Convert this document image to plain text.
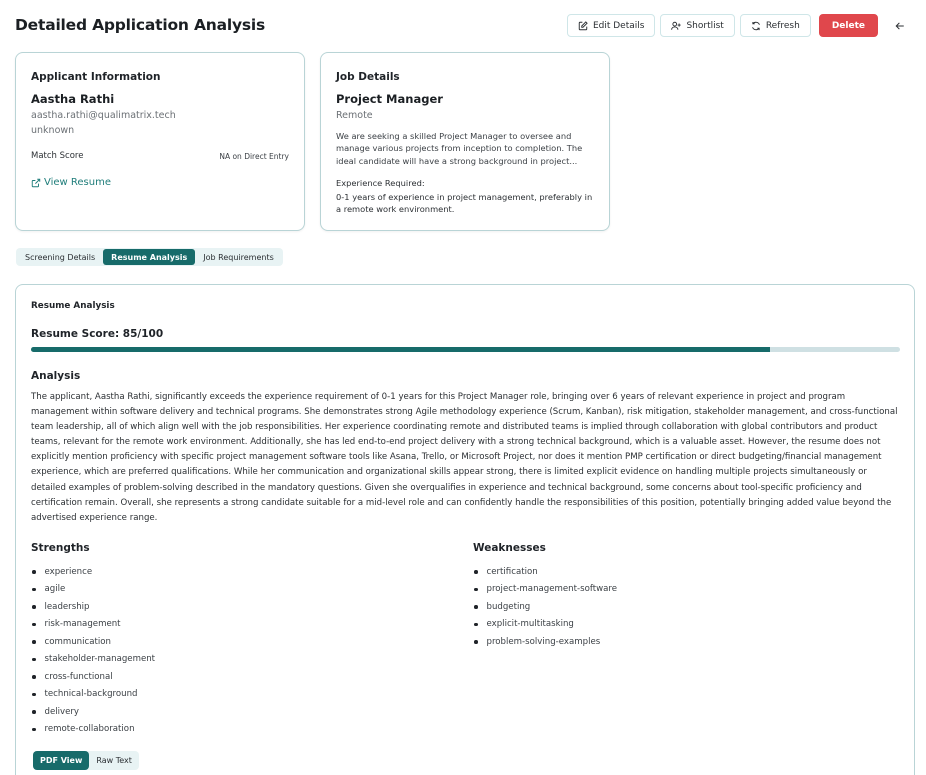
Detailed Application Analysis	Edit Details	Shortlist	Refresh	Delete
Applicant Information
Aastha Rathi
aastha.rathi@qualimatrix.tech
unknown
Match Score	NA on Direct Entry
View Resume
Job Details
Project Manager
Remote
We are seeking a skilled Project Manager to oversee and manage various projects from inception to completion. The ideal candidate will have a strong background in project...
Experience Required:
0-1 years of experience in project management, preferably in a remote work environment.
Screening Details	Resume Analysis	Job Requirements
Resume Analysis
Resume Score: 85/100
Analysis
The applicant, Aastha Rathi, significantly exceeds the experience requirement of 0-1 years for this Project Manager role, bringing over 6 years of relevant experience in project and program management within software delivery and technical programs. She demonstrates strong Agile methodology experience (Scrum, Kanban), risk mitigation, stakeholder management, and cross-functional team leadership, all of which align well with the job responsibilities. Her experience coordinating remote and distributed teams is implied through collaboration with global contributors and product teams, relevant for the remote work environment. Additionally, she has led end-to-end project delivery with a strong technical background, which is a valuable asset. However, the resume does not explicitly mention proficiency with specific project management software tools like Asana, Trello, or Microsoft Project, nor does it mention PMP certification or direct budgeting/financial management experience, which are preferred qualifications. While her communication and organizational skills appear strong, there is limited explicit evidence on handling multiple projects simultaneously or detailed examples of problem-solving described in the mandatory questions. Given she overqualifies in experience and technical background, some concerns about tool-specific proficiency and certification remain. Overall, she represents a strong candidate suitable for a mid-level role and can confidently handle the responsibilities of this position, potentially bringing added value beyond the advertised experience range.
Strengths
experience
agile
leadership
risk-management
communication
stakeholder-management
cross-functional
technical-background
delivery
remote-collaboration
Weaknesses
certification
project-management-software
budgeting
explicit-multitasking
problem-solving-examples
PDF View	Raw Text
